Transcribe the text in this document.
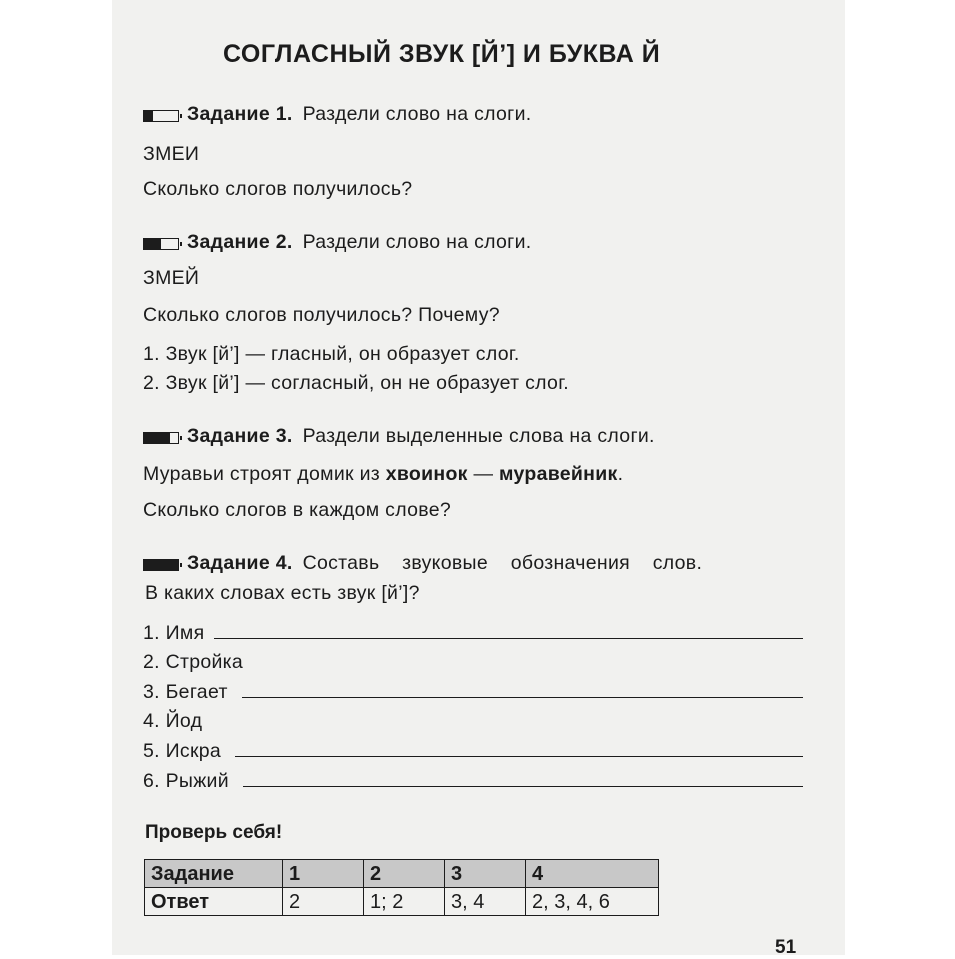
СОГЛАСНЫЙ ЗВУК [Й’] И БУКВА Й
Задание 1. Раздели слово на слоги.
ЗМЕИ
Сколько слогов получилось?
Задание 2. Раздели слово на слоги.
ЗМЕЙ
Сколько слогов получилось? Почему?
1. Звук [й’] — гласный, он образует слог.
2. Звук [й’] — согласный, он не образует слог.
Задание 3. Раздели выделенные слова на слоги.
Муравьи строят домик из хвоинок — муравейник.
Сколько слогов в каждом слове?
Задание 4. Составь звуковые обозначения слов.
В каких словах есть звук [й’]?
1. Имя
2. Стройка
3. Бегает
4. Йод
5. Искра
6. Рыжий
Проверь себя!
Задание	1	2	3	4
Ответ	2	1; 2	3, 4	2, 3, 4, 6
51
